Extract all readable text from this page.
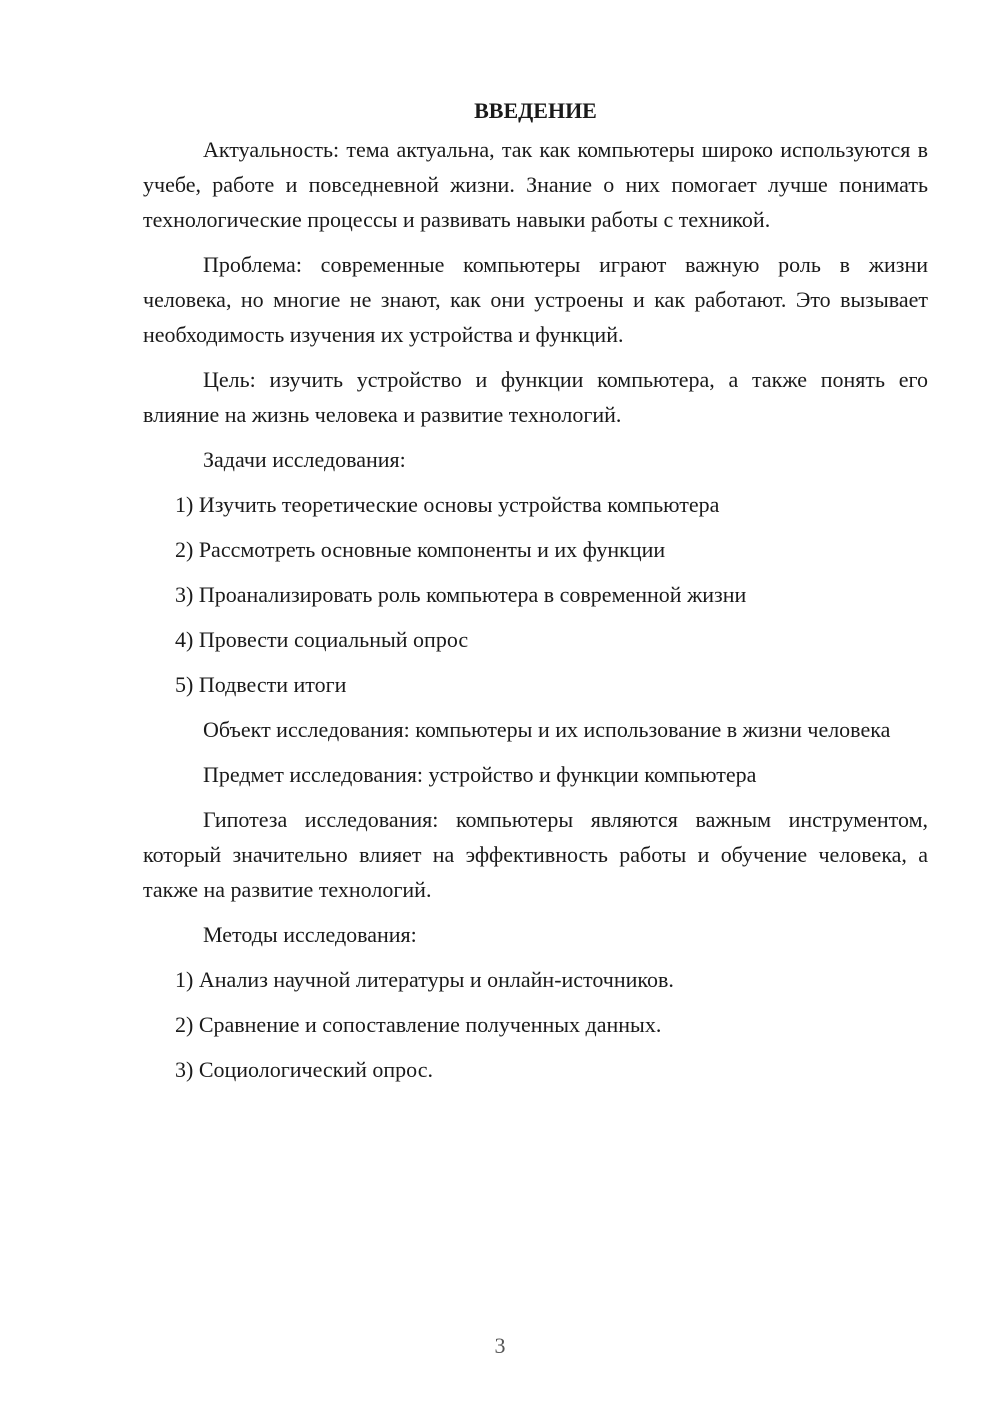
ВВЕДЕНИЕ

Актуальность: тема актуальна, так как компьютеры широко используются в учебе, работе и повседневной жизни. Знание о них помогает лучше понимать технологические процессы и развивать навыки работы с техникой.

Проблема: современные компьютеры играют важную роль в жизни человека, но многие не знают, как они устроены и как работают. Это вызывает необходимость изучения их устройства и функций.

Цель: изучить устройство и функции компьютера, а также понять его влияние на жизнь человека и развитие технологий.

Задачи исследования:

1) Изучить теоретические основы устройства компьютера
2) Рассмотреть основные компоненты и их функции
3) Проанализировать роль компьютера в современной жизни
4) Провести социальный опрос
5) Подвести итоги

Объект исследования: компьютеры и их использование в жизни человека

Предмет исследования: устройство и функции компьютера

Гипотеза исследования: компьютеры являются важным инструментом, который значительно влияет на эффективность работы и обучение человека, а также на развитие технологий.

Методы исследования:

1) Анализ научной литературы и онлайн-источников.
2) Сравнение и сопоставление полученных данных.
3) Социологический опрос.
3
